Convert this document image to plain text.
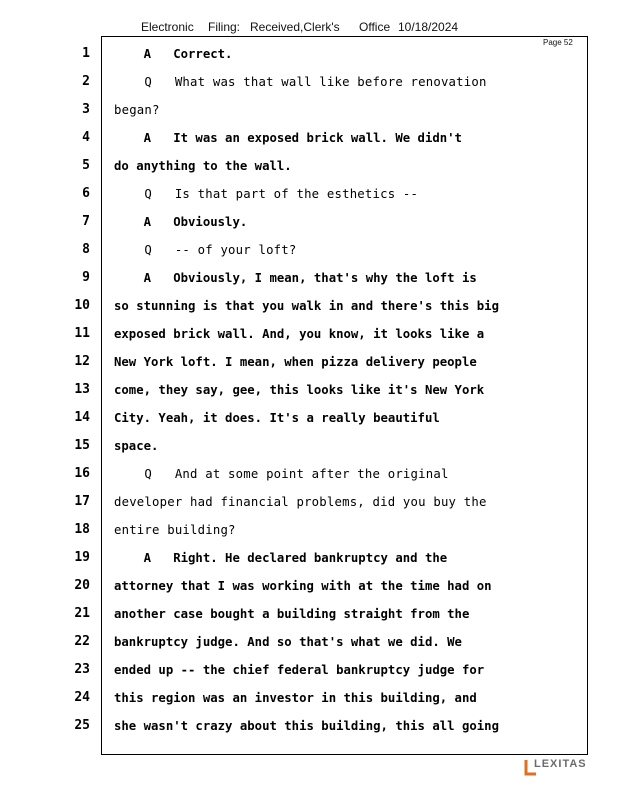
Electronic Filing: Received,Clerk's Office 10/18/2024
Page 52
1
2
3
4
5
6
7
8
9
10
11
12
13
14
15
16
17
18
19
20
21
22
23
24
25
A   Correct.
Q   What was that wall like before renovation
began?
A   It was an exposed brick wall. We didn't
do anything to the wall.
Q   Is that part of the esthetics --
A   Obviously.
Q   -- of your loft?
A   Obviously, I mean, that's why the loft is
so stunning is that you walk in and there's this big
exposed brick wall. And, you know, it looks like a
New York loft. I mean, when pizza delivery people
come, they say, gee, this looks like it's New York
City. Yeah, it does. It's a really beautiful
space.
Q   And at some point after the original
developer had financial problems, did you buy the
entire building?
A   Right. He declared bankruptcy and the
attorney that I was working with at the time had on
another case bought a building straight from the
bankruptcy judge. And so that's what we did. We
ended up -- the chief federal bankruptcy judge for
this region was an investor in this building, and
she wasn't crazy about this building, this all going
LEXITAS
